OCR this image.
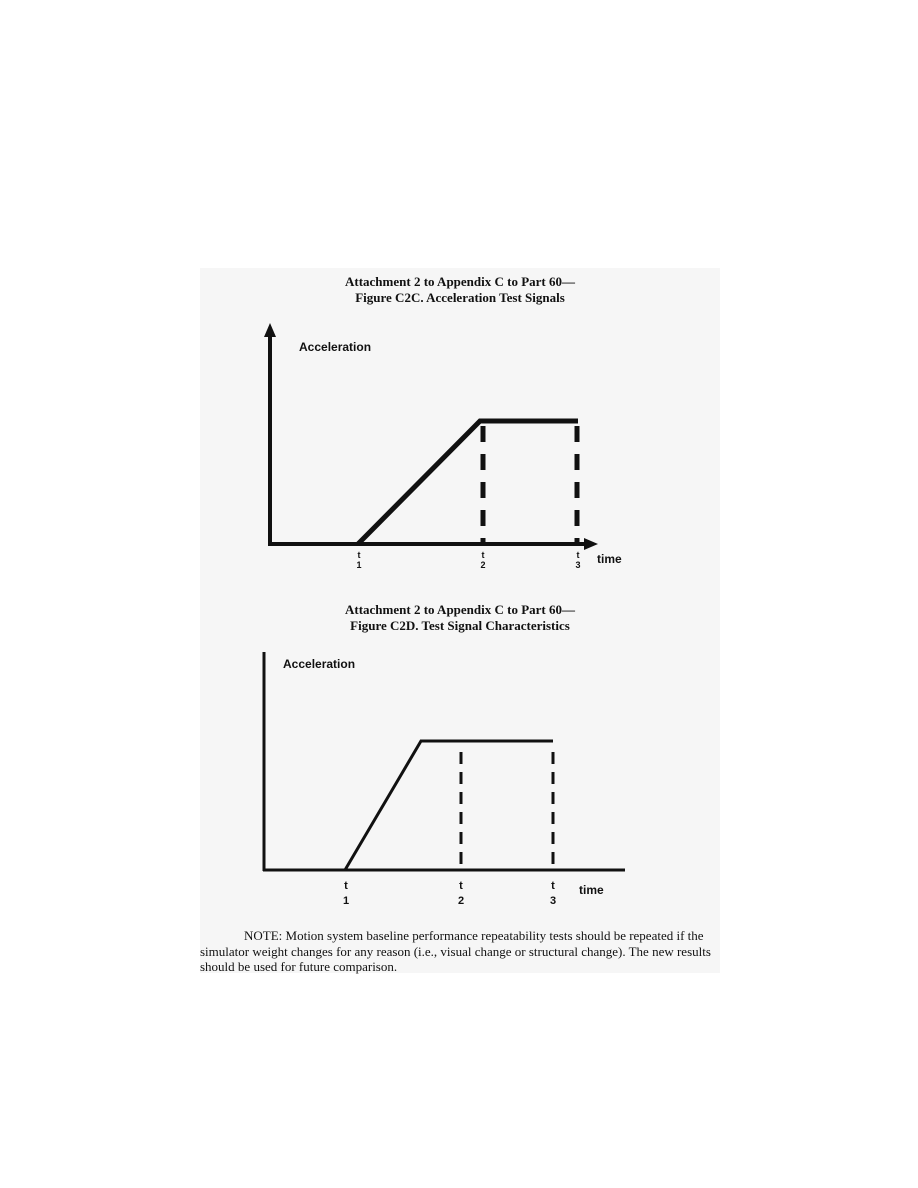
Attachment 2 to Appendix C to Part 60—
Figure C2C. Acceleration Test Signals
Attachment 2 to Appendix C to Part 60—
Figure C2D. Test Signal Characteristics
Acceleration
time
t
1
t
2
t
3
Acceleration
time
t
1
t
2
t
3

NOTE: Motion system baseline performance repeatability tests should be repeated if the simulator weight changes for any reason (i.e., visual change or structural change). The new results should be used for future comparison.
